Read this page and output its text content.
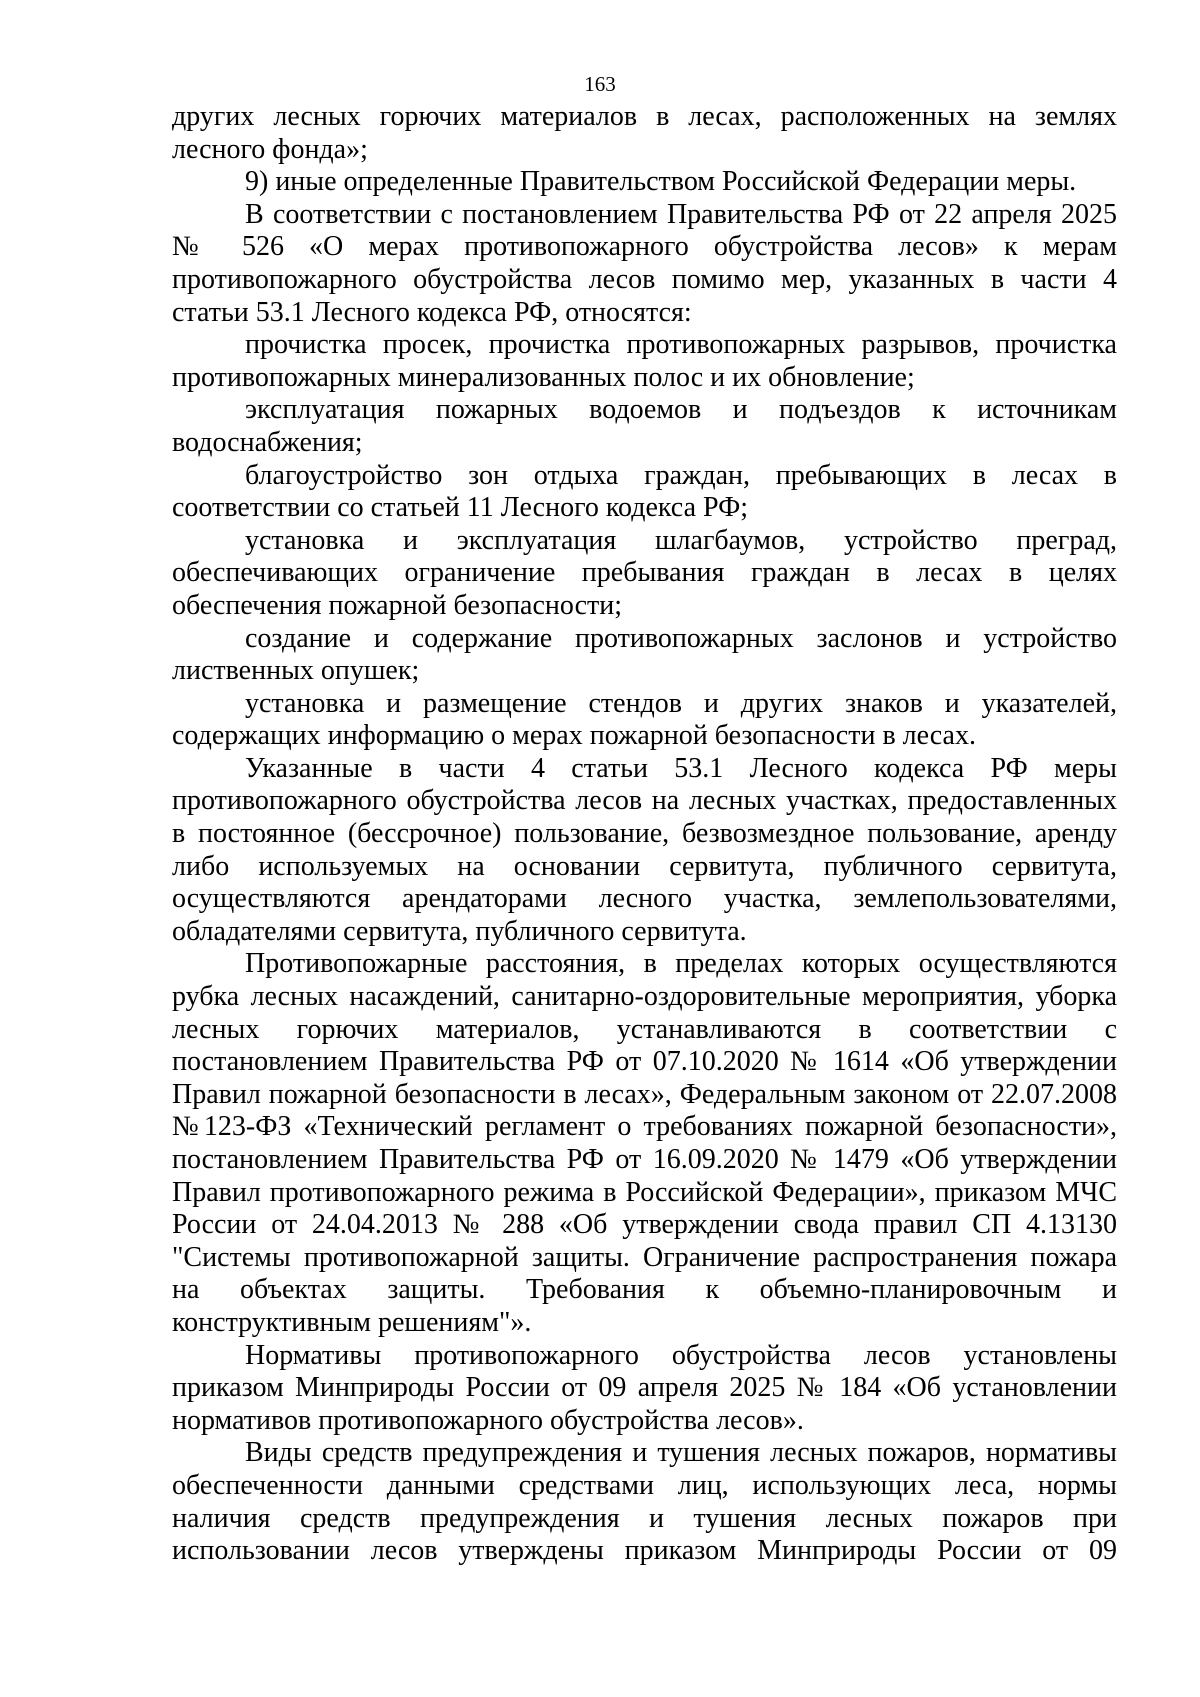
163

других лесных горючих материалов в лесах, расположенных на землях лесного фонда»;

9) иные определенные Правительством Российской Федерации меры.

В соответствии с постановлением Правительства РФ от 22 апреля 2025 № 526 «О мерах противопожарного обустройства лесов» к мерам противопожарного обустройства лесов помимо мер, указанных в части 4 статьи 53.1 Лесного кодекса РФ, относятся:

прочистка просек, прочистка противопожарных разрывов, прочистка противопожарных минерализованных полос и их обновление;

эксплуатация пожарных водоемов и подъездов к источникам водоснабжения;

благоустройство зон отдыха граждан, пребывающих в лесах в соответствии со статьей 11 Лесного кодекса РФ;

установка и эксплуатация шлагбаумов, устройство преград, обеспечивающих ограничение пребывания граждан в лесах в целях обеспечения пожарной безопасности;

создание и содержание противопожарных заслонов и устройство лиственных опушек;

установка и размещение стендов и других знаков и указателей, содержащих информацию о мерах пожарной безопасности в лесах.

Указанные в части 4 статьи 53.1 Лесного кодекса РФ меры противопожарного обустройства лесов на лесных участках, предоставленных в постоянное (бессрочное) пользование, безвозмездное пользование, аренду либо используемых на основании сервитута, публичного сервитута, осуществляются арендаторами лесного участка, землепользователями, обладателями сервитута, публичного сервитута.

Противопожарные расстояния, в пределах которых осуществляются рубка лесных насаждений, санитарно-оздоровительные мероприятия, уборка лесных горючих материалов, устанавливаются в соответствии с постановлением Правительства РФ от 07.10.2020 № 1614 «Об утверждении Правил пожарной безопасности в лесах», Федеральным законом от 22.07.2008 №123-ФЗ «Технический регламент о требованиях пожарной безопасности», постановлением Правительства РФ от 16.09.2020 № 1479 «Об утверждении Правил противопожарного режима в Российской Федерации», приказом МЧС России от 24.04.2013 № 288 «Об утверждении свода правил СП 4.13130 "Системы противопожарной защиты. Ограничение распространения пожара на объектах защиты. Требования к объемно-планировочным и конструктивным решениям"».

Нормативы противопожарного обустройства лесов установлены приказом Минприроды России от 09 апреля 2025 № 184 «Об установлении нормативов противопожарного обустройства лесов».

Виды средств предупреждения и тушения лесных пожаров, нормативы обеспеченности данными средствами лиц, использующих леса, нормы наличия средств предупреждения и тушения лесных пожаров при использовании лесов утверждены приказом Минприроды России от 09
